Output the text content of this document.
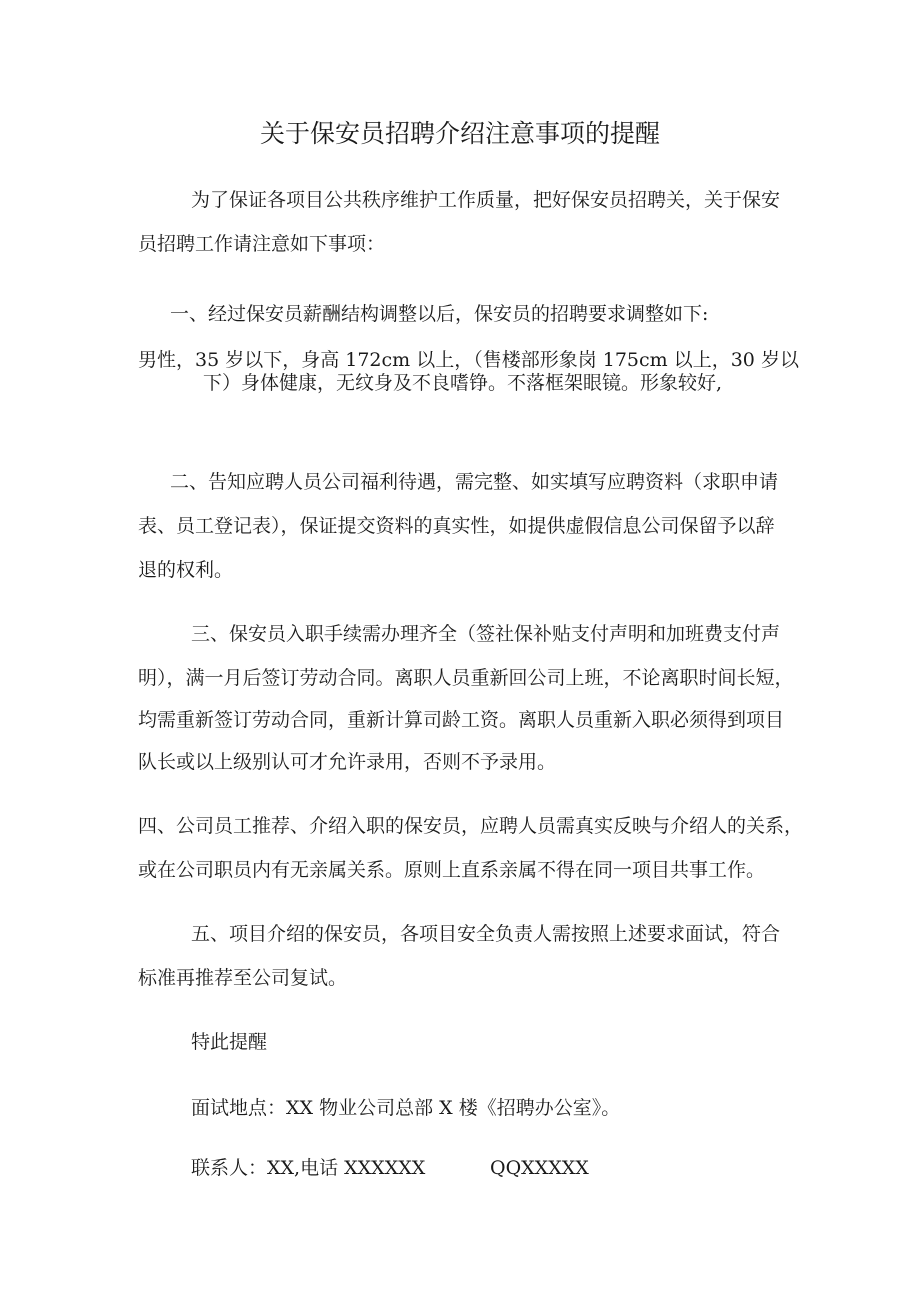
关于保安员招聘介绍注意事项的提醒
为了保证各项目公共秩序维护工作质量，把好保安员招聘关，关于保安
员招聘工作请注意如下事项：
一、经过保安员薪酬结构调整以后，保安员的招聘要求调整如下:
男性，35 岁以下，身高 172cm 以上，（售楼部形象岗 175cm 以上，30 岁以
下）身体健康，无纹身及不良嗜铮。不落框架眼镜。形象较好,
二、告知应聘人员公司福利待遇，需完整、如实填写应聘资料（求职申请
表、员工登记表），保证提交资料的真实性，如提供虚假信息公司保留予以辞
退的权利。
三、保安员入职手续需办理齐全（签社保补贴支付声明和加班费支付声
明），满一月后签订劳动合同。离职人员重新回公司上班，不论离职时间长短，
均需重新签订劳动合同，重新计算司龄工资。离职人员重新入职必须得到项目
队长或以上级别认可才允许录用，否则不予录用。
四、公司员工推荐、介绍入职的保安员，应聘人员需真实反映与介绍人的关系，
或在公司职员内有无亲属关系。原则上直系亲属不得在同一项目共事工作。
五、项目介绍的保安员，各项目安全负责人需按照上述要求面试，符合
标准再推荐至公司复试。
特此提醒
面试地点：XX 物业公司总部 X 楼《招聘办公室》。
联系人：XX,电话 XXXXXX	QQXXXXX
